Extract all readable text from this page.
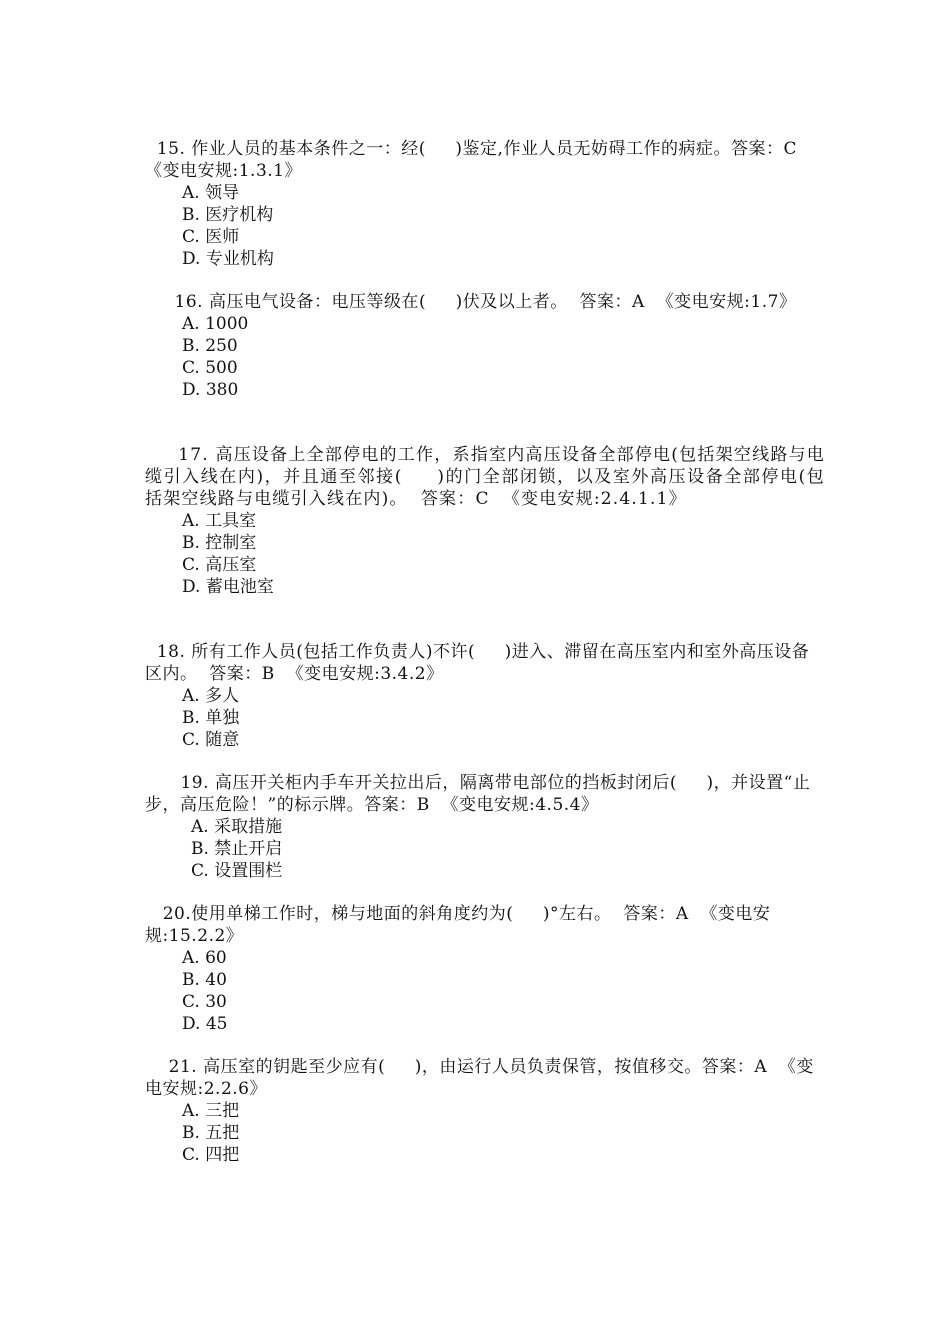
15. 作业人员的基本条件之一：经(     )鉴定,作业人员无妨碍工作的病症。答案：C  《变电安规:1.3.1》
A. 领导
B. 医疗机构
C. 医师
D. 专业机构
16. 高压电气设备：电压等级在(     )伏及以上者。  答案：A  《变电安规:1.7》
A. 1000
B. 250
C. 500
D. 380
17. 高压设备上全部停电的工作，系指室内高压设备全部停电(包括架空线路与电缆引入线在内)，并且通至邻接(     )的门全部闭锁，以及室外高压设备全部停电(包括架空线路与电缆引入线在内)。  答案：C  《变电安规:2.4.1.1》
A. 工具室
B. 控制室
C. 高压室
D. 蓄电池室
18. 所有工作人员(包括工作负责人)不许(     )进入、滞留在高压室内和室外高压设备区内。  答案：B  《变电安规:3.4.2》
A. 多人
B. 单独
C. 随意
19. 高压开关柜内手车开关拉出后，隔离带电部位的挡板封闭后(     )，并设置“止步，高压危险！”的标示牌。答案：B  《变电安规:4.5.4》
A. 采取措施
B. 禁止开启
C. 设置围栏
20.使用单梯工作时，梯与地面的斜角度约为(     )°左右。  答案：A  《变电安规:15.2.2》
A. 60
B. 40
C. 30
D. 45
21. 高压室的钥匙至少应有(     )，由运行人员负责保管，按值移交。答案：A  《变电安规:2.2.6》
A. 三把
B. 五把
C. 四把
